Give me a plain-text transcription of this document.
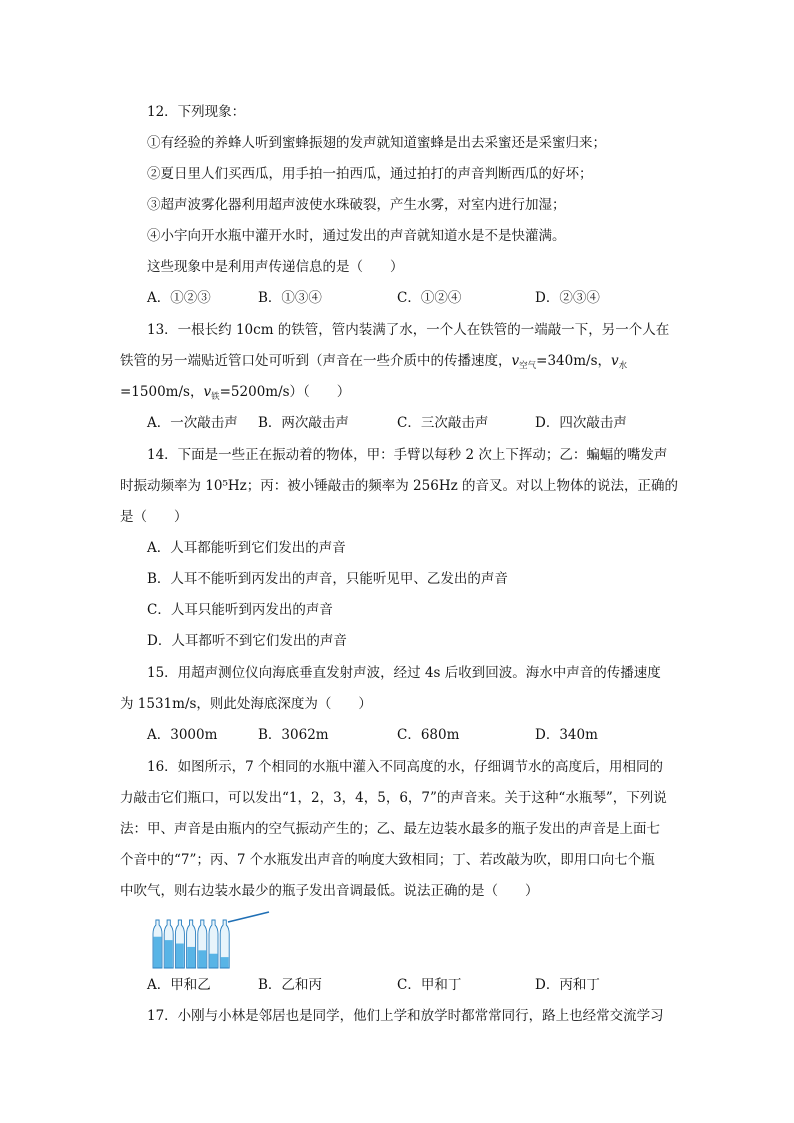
12．下列现象：
①有经验的养蜂人听到蜜蜂振翅的发声就知道蜜蜂是出去采蜜还是采蜜归来；
②夏日里人们买西瓜，用手拍一拍西瓜，通过拍打的声音判断西瓜的好坏；
③超声波雾化器利用超声波使水珠破裂，产生水雾，对室内进行加湿；
④小宇向开水瓶中灌开水时，通过发出的声音就知道水是不是快灌满。
这些现象中是利用声传递信息的是（　　）
A．①②③	B．①③④	C．①②④	D．②③④
13．一根长约 10cm 的铁管，管内装满了水，一个人在铁管的一端敲一下，另一个人在
铁管的另一端贴近管口处可听到（声音在一些介质中的传播速度，$v_{空气}=340m/s$，$v_水$
=1500m/s，$v_铁=5200m/s$）（　　）
A．一次敲击声 B．两次敲击声	C．三次敲击声	D．四次敲击声
14．下面是一些正在振动着的物体，甲：手臂以每秒 2 次上下挥动；乙：蝙蝠的嘴发声
时振动频率为 10⁵Hz；丙：被小锤敲击的频率为 256Hz 的音叉。对以上物体的说法，正确的
是（　　）
A．人耳都能听到它们发出的声音
B．人耳不能听到丙发出的声音，只能听见甲、乙发出的声音
C．人耳只能听到丙发出的声音
D．人耳都听不到它们发出的声音
15．用超声测位仪向海底垂直发射声波，经过 4s 后收到回波。海水中声音的传播速度
为 1531m/s，则此处海底深度为（　　）
A．3000m	B．3062m	C．680m	D．340m
16．如图所示，7 个相同的水瓶中灌入不同高度的水，仔细调节水的高度后，用相同的
力敲击它们瓶口，可以发出“1，2，3，4，5，6，7”的声音来。关于这种“水瓶琴”，下列说
法：甲、声音是由瓶内的空气振动产生的；乙、最左边装水最多的瓶子发出的声音是上面七
个音中的“7”；丙、7 个水瓶发出声音的响度大致相同；丁、若改敲为吹，即用口向七个瓶
中吹气，则右边装水最少的瓶子发出音调最低。说法正确的是（　　）
A．甲和乙	B．乙和丙	C．甲和丁	D．丙和丁
17．小刚与小林是邻居也是同学，他们上学和放学时都常常同行，路上也经常交流学习
